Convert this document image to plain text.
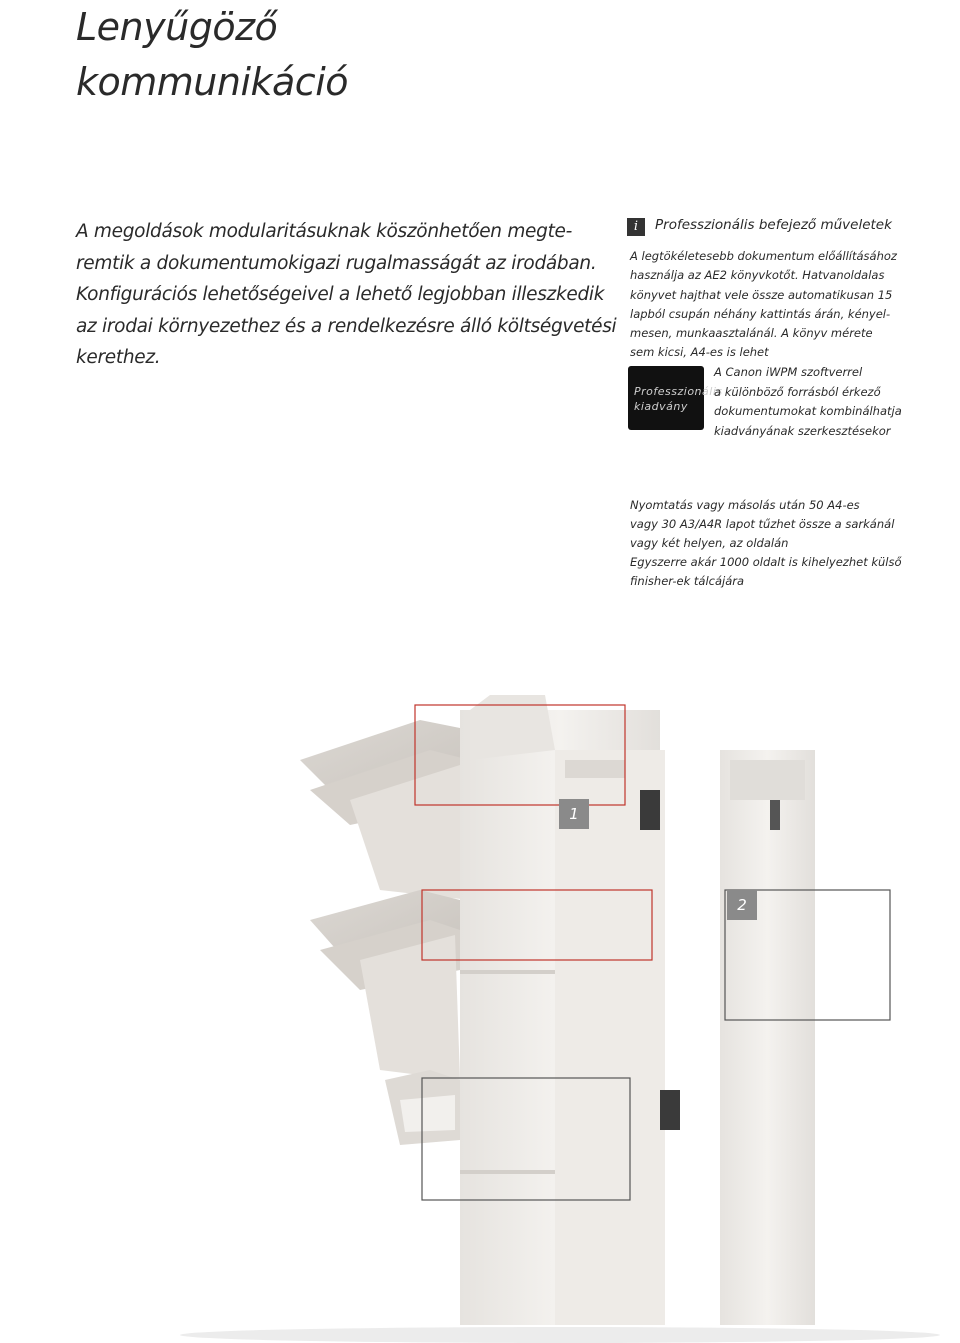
Lenyűgöző
kommunikáció
A megoldások modularitásuknak köszönhetően megte-
remtik a dokumentumokigazi rugalmasságát az irodában.
Konfigurációs lehetőségeivel a lehető legjobban illeszkedik
az irodai környezethez és a rendelkezésre álló költségvetési
kerethez.
i	Professzionális befejező műveletek
A legtökéletesebb dokumentum előállításához
használja az AE2 könyvkotőt. Hatvanoldalas
könyvet hajthat vele össze automatikusan 15
lapból csupán néhány kattintás árán, kényel-
mesen, munkaasztalánál. A könyv mérete
sem kicsi, A4-es is lehet
Professzionális
kiadvány
A Canon iWPM szoftverrel
a különböző forrásból érkező
dokumentumokat kombinálhatja
kiadványának szerkesztésekor
Nyomtatás vagy másolás után 50 A4-es
vagy 30 A3/A4R lapot tűzhet össze a sarkánál
vagy két helyen, az oldalán
Egyszerre akár 1000 oldalt is kihelyezhet külső
finisher-ek tálcájára
1
2
